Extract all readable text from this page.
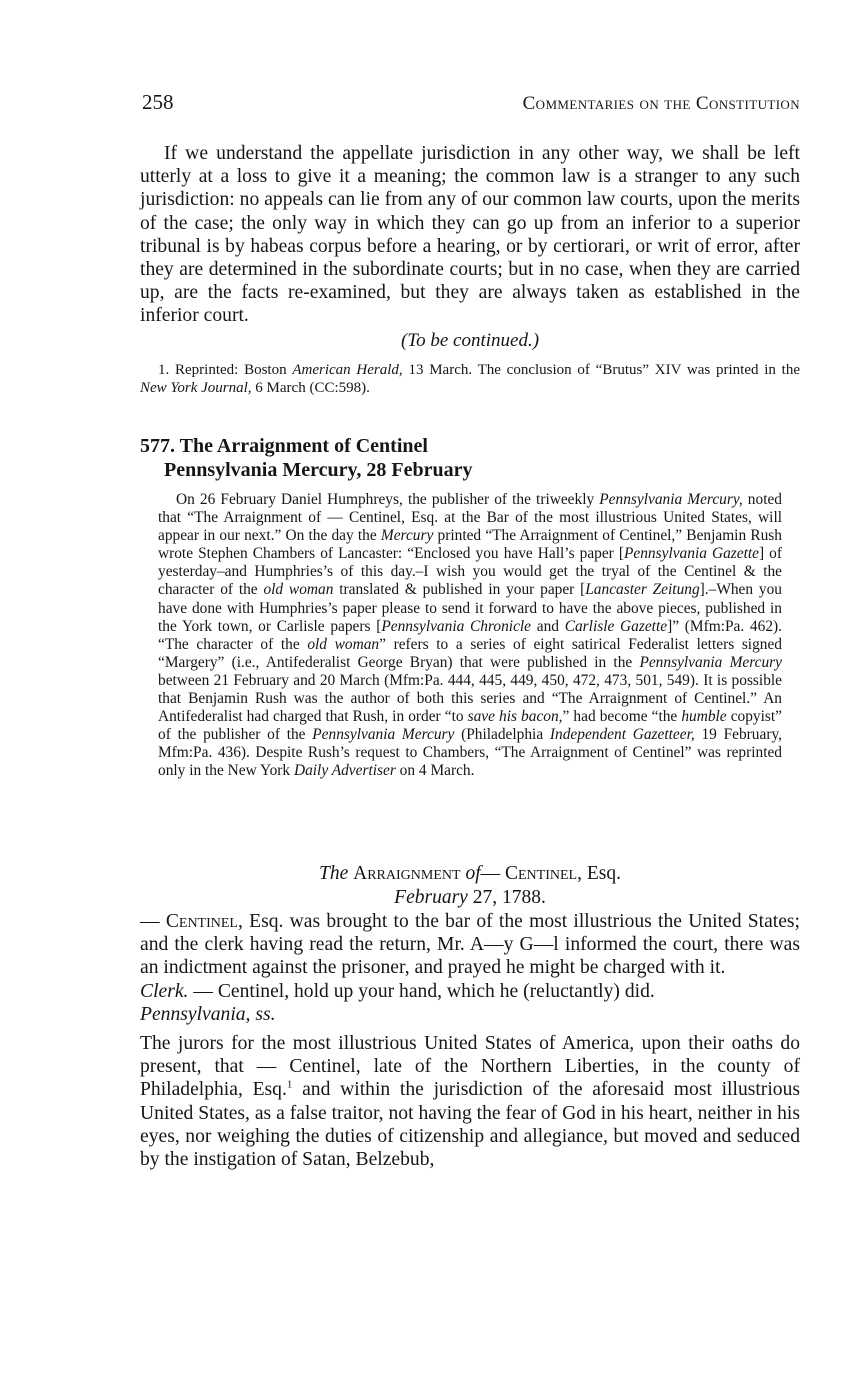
258	Commentaries on the Constitution

If we understand the appellate jurisdiction in any other way, we shall be left utterly at a loss to give it a meaning; the common law is a stranger to any such jurisdiction: no appeals can lie from any of our common law courts, upon the merits of the case; the only way in which they can go up from an inferior to a superior tribunal is by habeas corpus before a hearing, or by certiorari, or writ of error, after they are determined in the subordinate courts; but in no case, when they are carried up, are the facts re-examined, but they are always taken as established in the inferior court.

(To be continued.)

1. Reprinted: Boston American Herald, 13 March. The conclusion of “Brutus” XIV was printed in the New York Journal, 6 March (CC:598).

577. The Arraignment of Centinel
Pennsylvania Mercury, 28 February

On 26 February Daniel Humphreys, the publisher of the triweekly Pennsylvania Mercury, noted that “The Arraignment of — Centinel, Esq. at the Bar of the most illustrious United States, will appear in our next.” On the day the Mercury printed “The Arraignment of Centinel,” Benjamin Rush wrote Stephen Chambers of Lancaster: “Enclosed you have Hall’s paper [Pennsylvania Gazette] of yesterday–and Humphries’s of this day.–I wish you would get the tryal of the Centinel & the character of the old woman translated & published in your paper [Lancaster Zeitung].–When you have done with Humphries’s paper please to send it forward to have the above pieces, published in the York town, or Carlisle papers [Pennsylvania Chronicle and Carlisle Gazette]” (Mfm:Pa. 462). “The character of the old woman” refers to a series of eight satirical Federalist letters signed “Margery” (i.e., Antifederalist George Bryan) that were published in the Pennsylvania Mercury between 21 February and 20 March (Mfm:Pa. 444, 445, 449, 450, 472, 473, 501, 549). It is possible that Benjamin Rush was the author of both this series and “The Arraignment of Centinel.” An Antifederalist had charged that Rush, in order “to save his bacon,” had become “the humble copyist” of the publisher of the Pennsylvania Mercury (Philadelphia Independent Gazetteer, 19 February, Mfm:Pa. 436). Despite Rush’s request to Chambers, “The Arraignment of Centinel” was reprinted only in the New York Daily Advertiser on 4 March.

The Arraignment of— Centinel, Esq.
February 27, 1788.

— Centinel, Esq. was brought to the bar of the most illustrious the United States; and the clerk having read the return, Mr. A—y G—l informed the court, there was an indictment against the prisoner, and prayed he might be charged with it.

Clerk. — Centinel, hold up your hand, which he (reluctantly) did.

Pennsylvania, ss.

The jurors for the most illustrious United States of America, upon their oaths do present, that — Centinel, late of the Northern Liberties, in the county of Philadelphia, Esq.$^1$ and within the jurisdiction of the aforesaid most illustrious United States, as a false traitor, not having the fear of God in his heart, neither in his eyes, nor weighing the duties of citizenship and allegiance, but moved and seduced by the instigation of Satan, Belzebub,
